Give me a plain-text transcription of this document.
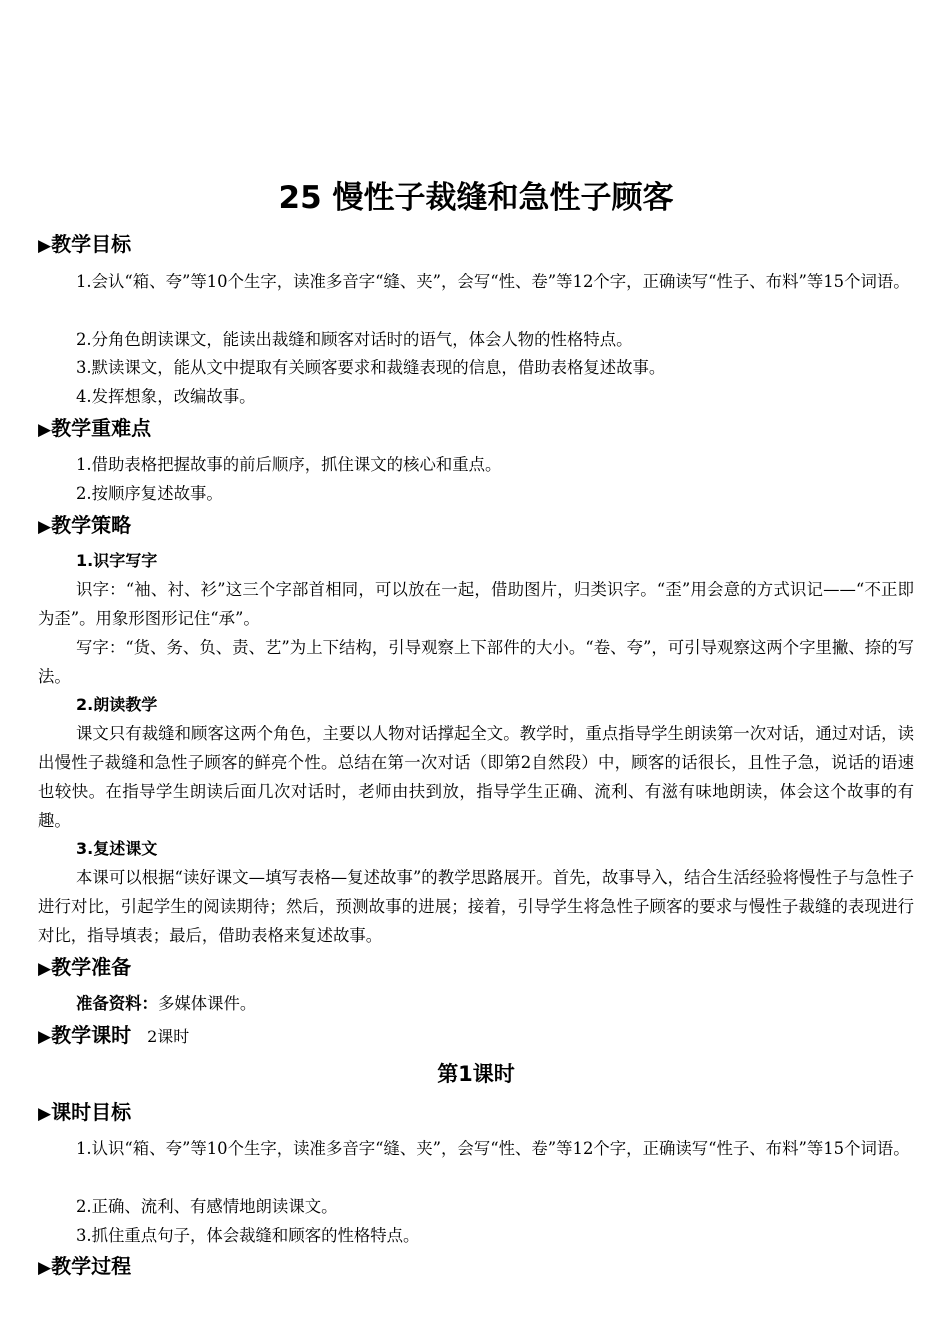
25 慢性子裁缝和急性子顾客
▶教学目标

1.会认“箱、夸”等10个生字，读准多音字“缝、夹”，会写“性、卷”等12个字，正确读写“性子、布料”等15个词语。

2.分角色朗读课文，能读出裁缝和顾客对话时的语气，体会人物的性格特点。

3.默读课文，能从文中提取有关顾客要求和裁缝表现的信息，借助表格复述故事。

4.发挥想象，改编故事。

▶教学重难点

1.借助表格把握故事的前后顺序，抓住课文的核心和重点。

2.按顺序复述故事。

▶教学策略
1.识字写字

识字：“袖、衬、衫”这三个字部首相同，可以放在一起，借助图片，归类识字。“歪”用会意的方式识记——“不正即为歪”。用象形图形记住“承”。

写字：“货、务、负、责、艺”为上下结构，引导观察上下部件的大小。“卷、夸”，可引导观察这两个字里撇、捺的写法。

2.朗读教学

课文只有裁缝和顾客这两个角色，主要以人物对话撑起全文。教学时，重点指导学生朗读第一次对话，通过对话，读出慢性子裁缝和急性子顾客的鲜亮个性。总结在第一次对话（即第2自然段）中，顾客的话很长，且性子急，说话的语速也较快。在指导学生朗读后面几次对话时，老师由扶到放，指导学生正确、流利、有滋有味地朗读，体会这个故事的有趣。

3.复述课文

本课可以根据“读好课文—填写表格—复述故事”的教学思路展开。首先，故事导入，结合生活经验将慢性子与急性子进行对比，引起学生的阅读期待；然后，预测故事的进展；接着，引导学生将急性子顾客的要求与慢性子裁缝的表现进行对比，指导填表；最后，借助表格来复述故事。

▶教学准备

准备资料：多媒体课件。

▶教学课时 2课时
第1课时
▶课时目标

1.认识“箱、夸”等10个生字，读准多音字“缝、夹”，会写“性、卷”等12个字，正确读写“性子、布料”等15个词语。

2.正确、流利、有感情地朗读课文。

3.抓住重点句子，体会裁缝和顾客的性格特点。

▶教学过程
